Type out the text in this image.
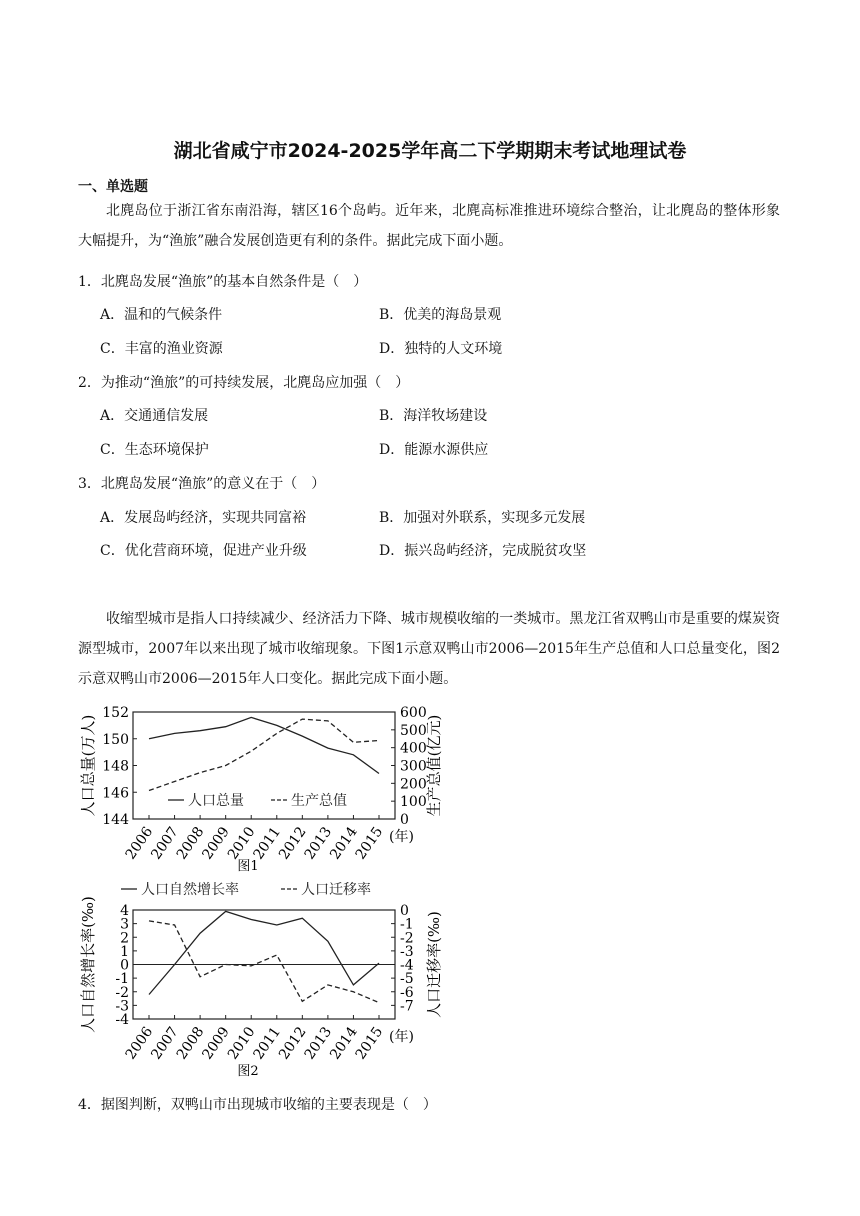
湖北省咸宁市2024-2025学年高二下学期期末考试地理试卷
一、单选题
北麂岛位于浙江省东南沿海，辖区16个岛屿。近年来，北麂高标准推进环境综合整治，让北麂岛的整体形象大幅提升，为“渔旅”融合发展创造更有利的条件。据此完成下面小题。
1．北麂岛发展“渔旅”的基本自然条件是（　）
A．温和的气候条件	B．优美的海岛景观
C．丰富的渔业资源	D．独特的人文环境
2．为推动“渔旅”的可持续发展，北麂岛应加强（　）
A．交通通信发展	B．海洋牧场建设
C．生态环境保护	D．能源水源供应
3．北麂岛发展“渔旅”的意义在于（　）
A．发展岛屿经济，实现共同富裕	B．加强对外联系，实现多元发展
C．优化营商环境，促进产业升级	D．振兴岛屿经济，完成脱贫攻坚
收缩型城市是指人口持续减少、经济活力下降、城市规模收缩的一类城市。黑龙江省双鸭山市是重要的煤炭资源型城市，2007年以来出现了城市收缩现象。下图1示意双鸭山市2006—2015年生产总值和人口总量变化，图2示意双鸭山市2006—2015年人口变化。据此完成下面小题。
144
146
148
150
152
0
100
200
300
400
500
600
2006
2007
2008
2009
2010
2011
2012
2013
2014
2015 (年)
人口总量(万人)	生产总值(亿元)
人口总量	生产总值
图1
4
3
2
1
0
-1
-2
-3
-4
0
-1
-2
-3
-4
-5
-6
-7
2006
2007
2008
2009
2010
2011
2012
2013
2014
2015 (年)
人口自然增长率(‰)	人口迁移率(‰)
人口自然增长率	人口迁移率
图2
4．据图判断，双鸭山市出现城市收缩的主要表现是（　）
